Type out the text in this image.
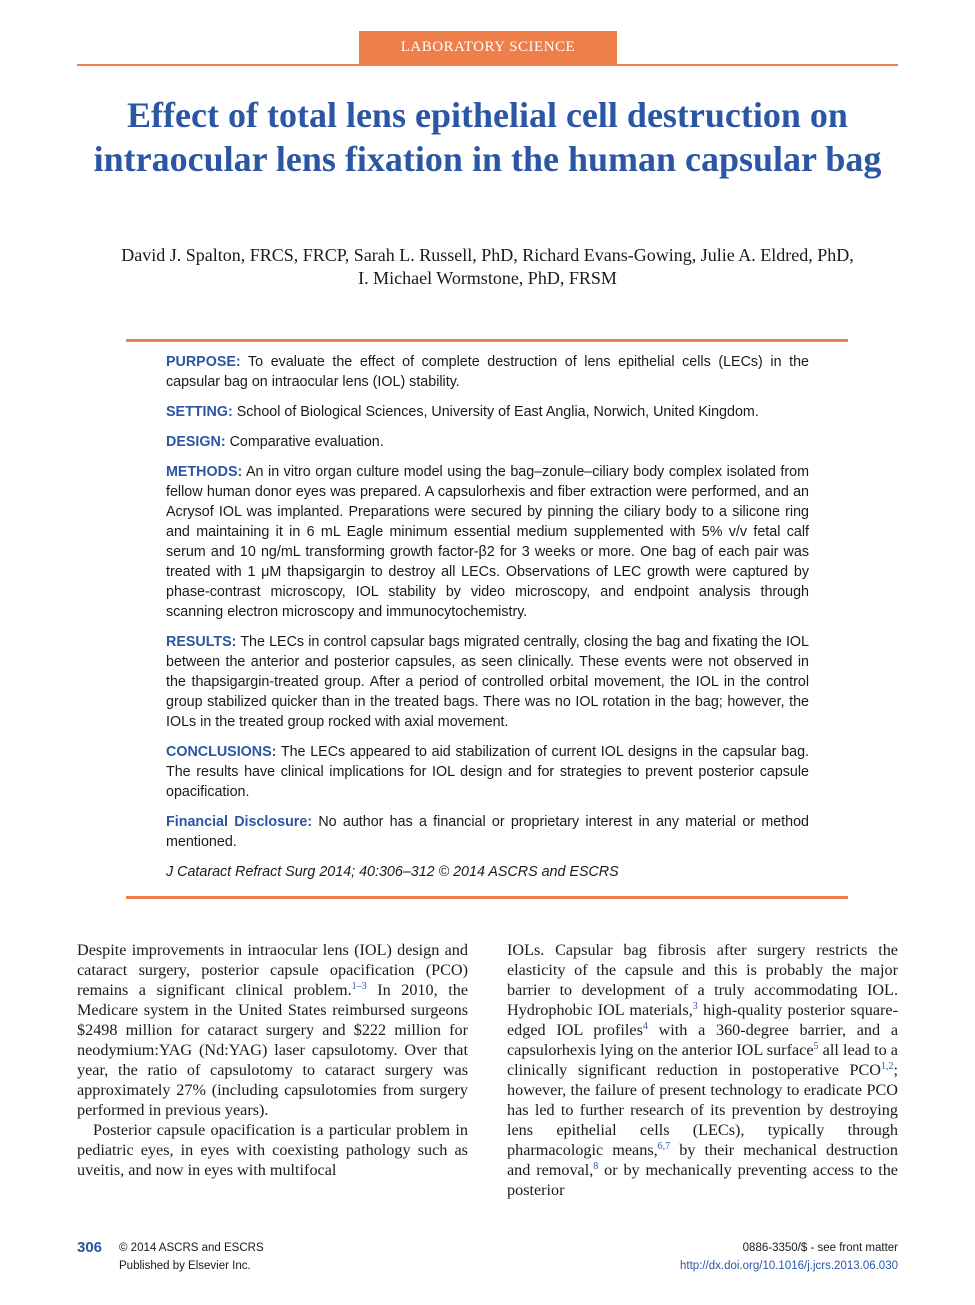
LABORATORY SCIENCE
Effect of total lens epithelial cell destruction on intraocular lens fixation in the human capsular bag
David J. Spalton, FRCS, FRCP, Sarah L. Russell, PhD, Richard Evans-Gowing, Julie A. Eldred, PhD,
I. Michael Wormstone, PhD, FRSM

PURPOSE: To evaluate the effect of complete destruction of lens epithelial cells (LECs) in the capsular bag on intraocular lens (IOL) stability.

SETTING: School of Biological Sciences, University of East Anglia, Norwich, United Kingdom.

DESIGN: Comparative evaluation.

METHODS: An in vitro organ culture model using the bag–zonule–ciliary body complex isolated from fellow human donor eyes was prepared. A capsulorhexis and fiber extraction were performed, and an Acrysof IOL was implanted. Preparations were secured by pinning the ciliary body to a silicone ring and maintaining it in 6 mL Eagle minimum essential medium supplemented with 5% v/v fetal calf serum and 10 ng/mL transforming growth factor-β2 for 3 weeks or more. One bag of each pair was treated with 1 μM thapsigargin to destroy all LECs. Observations of LEC growth were captured by phase-contrast microscopy, IOL stability by video microscopy, and endpoint analysis through scanning electron microscopy and immunocytochemistry.

RESULTS: The LECs in control capsular bags migrated centrally, closing the bag and fixating the IOL between the anterior and posterior capsules, as seen clinically. These events were not observed in the thapsigargin-treated group. After a period of controlled orbital movement, the IOL in the control group stabilized quicker than in the treated bags. There was no IOL rotation in the bag; however, the IOLs in the treated group rocked with axial movement.

CONCLUSIONS: The LECs appeared to aid stabilization of current IOL designs in the capsular bag. The results have clinical implications for IOL design and for strategies to prevent posterior capsule opacification.

Financial Disclosure: No author has a financial or proprietary interest in any material or method mentioned.

J Cataract Refract Surg 2014; 40:306–312 © 2014 ASCRS and ESCRS

Despite improvements in intraocular lens (IOL) design and cataract surgery, posterior capsule opacification (PCO) remains a significant clinical problem.$^{1-3}$ In 2010, the Medicare system in the United States reimbursed surgeons $2498 million for cataract surgery and $222 million for neodymium:YAG (Nd:YAG) laser capsulotomy. Over that year, the ratio of capsulotomy to cataract surgery was approximately 27% (including capsulotomies from surgery performed in previous years).

Posterior capsule opacification is a particular problem in pediatric eyes, in eyes with coexisting pathology such as uveitis, and now in eyes with multifocal

IOLs. Capsular bag fibrosis after surgery restricts the elasticity of the capsule and this is probably the major barrier to development of a truly accommodating IOL. Hydrophobic IOL materials,$^3$ high-quality posterior square-edged IOL profiles$^4$ with a 360-degree barrier, and a capsulorhexis lying on the anterior IOL surface$^5$ all lead to a clinically significant reduction in postoperative PCO$^{1,2}$; however, the failure of present technology to eradicate PCO has led to further research of its prevention by destroying lens epithelial cells (LECs), typically through pharmacologic means,$^{6,7}$ by their mechanical destruction and removal,$^8$ or by mechanically preventing access to the posterior

306 © 2014 ASCRS and ESCRS
Published by Elsevier Inc.
0886-3350/$ - see front matter
http://dx.doi.org/10.1016/j.jcrs.2013.06.030
